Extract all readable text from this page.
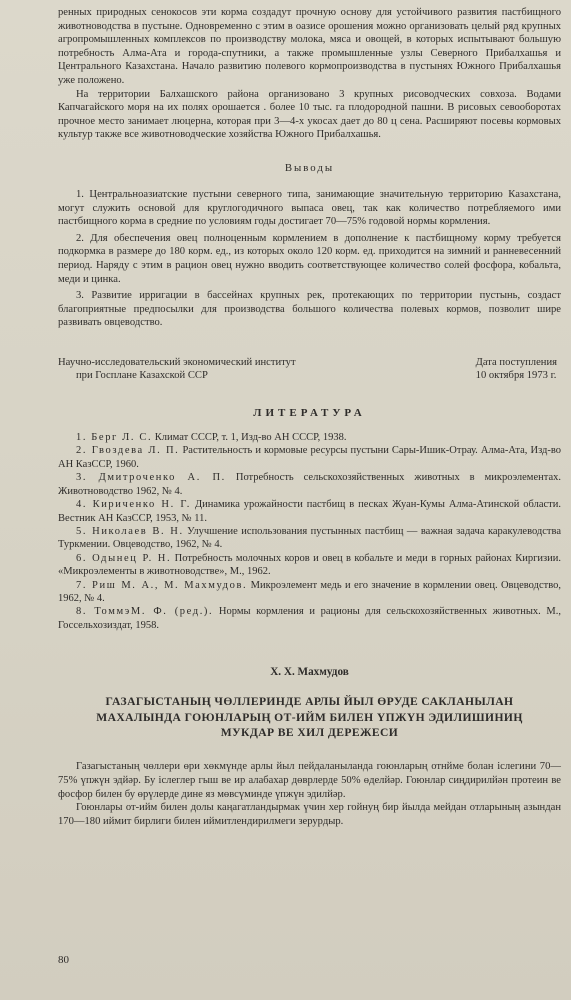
ренных природных сенокосов эти корма создадут прочную основу для устойчивого развития пастбищного животноводства в пустыне. Одновременно с этим в оазисе орошения можно организовать целый ряд крупных агропромышленных комплексов по производству молока, мяса и овощей, в которых испытывают большую потребность Алма-Ата и города-спутники, а также промышленные узлы Северного Прибалхашья и Центрального Казахстана. Начало развитию полевого кормопроизводства в пустынях Южного Прибалхашья уже положено.

На территории Балхашского района организовано 3 крупных рисоводческих совхоза. Водами Капчагайского моря на их полях орошается . более 10 тыс. га плодородной пашни. В рисовых севооборотах прочное место занимает люцерна, которая при 3—4-х укосах дает до 80 ц сена. Расширяют посевы кормовых культур также все животноводческие хозяйства Южного Прибалхашья.

Выводы

1. Центральноазиатские пустыни северного типа, занимающие значительную территорию Казахстана, могут служить основой для круглогодичного выпаса овец, так как количество потребляемого ими пастбищного корма в средние по условиям годы достигает 70—75% годовой нормы кормления.

2. Для обеспечения овец полноценным кормлением в дополнение к пастбищному корму требуется подкормка в размере до 180 корм. ед., из которых около 120 корм. ед. приходится на зимний и ранневесенний период. Наряду с этим в рацион овец нужно вводить соответствующее количество солей фосфора, кобальта, меди и цинка.

3. Развитие ирригации в бассейнах крупных рек, протекающих по территории пустынь, создаст благоприятные предпосылки для производства большого количества полевых кормов, позволит шире развивать овцеводство.

Научно-исследовательский экономический институт
при Госплане Казахской ССР
Дата поступления
10 октября 1973 г.
ЛИТЕРАТУРА

1. Берг Л. С. Климат СССР, т. 1, Изд-во АН СССР, 1938.

2. Гвоздева Л. П. Растительность и кормовые ресурсы пустыни Сары-Ишик-Отрау. Алма-Ата, Изд-во АН КазССР, 1960.

3. Дмитроченко А. П. Потребность сельскохозяйственных животных в микроэлементах. Животноводство 1962, № 4.

4. Кириченко Н. Г. Динамика урожайности пастбищ в песках Жуан-Кумы Алма-Атинской области. Вестник АН КазССР, 1953, № 11.

5. Николаев В. Н. Улучшение использования пустынных пастбищ — важная задача каракулеводства Туркмении. Овцеводство, 1962, № 4.

6. Одынец Р. Н. Потребность молочных коров и овец в кобальте и меди в горных районах Киргизии. «Микроэлементы в животноводстве», М., 1962.

7. Риш М. А., М. Махмудов. Микроэлемент медь и его значение в кормлении овец. Овцеводство, 1962, № 4.

8. ТоммэМ. Ф. (ред.). Нормы кормления и рационы для сельскохозяйственных животных. М., Госсельхозиздат, 1958.

Х. Х. Махмудов
ГАЗАГЫСТАНЫҢ ЧӨЛЛЕРИНДЕ АРЛЫ ЙЫЛ ӨРУДЕ САКЛАНЫЛАН
МАХАЛЫНДА ГОЮНЛАРЫҢ ОТ-ИЙМ БИЛЕН ҮПЖҮН ЭДИЛИШИНИҢ
МУКДАР ВЕ ХИЛ ДЕРЕЖЕСИ

Газагыстаның чөллери өри хөкмүнде арлы йыл пейдаланыланда гоюнларың отнйме болан іслегини 70—75% үпжүн эдйәр. Бу іслеглер гыш ве ир алабахар дөврлерде 50% өделйәр. Гоюнлар сиңдирилйән протеин ве фосфор билен бу өрүлерде дине яз мөвсүминде үпжүн эдилйәр.

Гоюнлары от-ийм билен долы каңагатландырмак үчин хер гойнуң бир йылда мейдан отларының азындан 170—180 иймит бирлиги билен иймитлендирилмеги зерурдыр.

80
